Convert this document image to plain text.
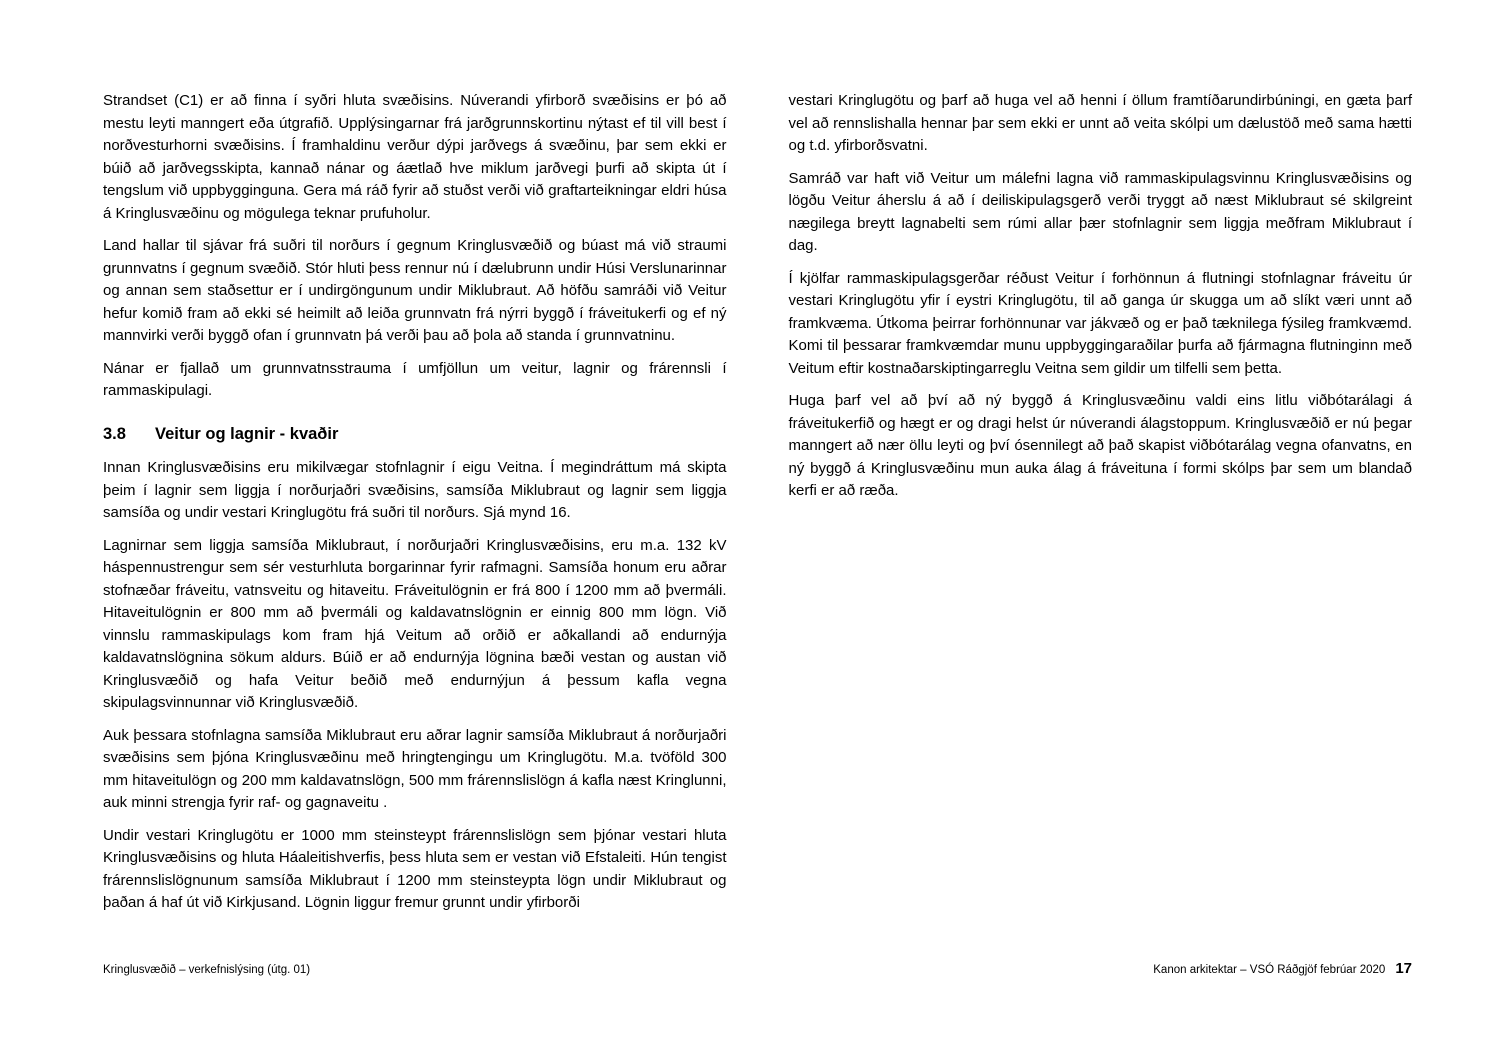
Strandset (C1) er að finna í syðri hluta svæðisins. Núverandi yfirborð svæðisins er þó að mestu leyti manngert eða útgrafið. Upplýsingarnar frá jarðgrunnskortinu nýtast ef til vill best í norðvesturhorni svæðisins. Í framhaldinu verður dýpi jarðvegs á svæðinu, þar sem ekki er búið að jarðvegsskipta, kannað nánar og áætlað hve miklum jarðvegi þurfi að skipta út í tengslum við uppbygginguna. Gera má ráð fyrir að stuðst verði við graftarteikningar eldri húsa á Kringlusvæðinu og mögulega teknar prufuholur.

Land hallar til sjávar frá suðri til norðurs í gegnum Kringlusvæðið og búast má við straumi grunnvatns í gegnum svæðið. Stór hluti þess rennur nú í dælubrunn undir Húsi Verslunarinnar og annan sem staðsettur er í undirgöngunum undir Miklubraut. Að höfðu samráði við Veitur hefur komið fram að ekki sé heimilt að leiða grunnvatn frá nýrri byggð í fráveitukerfi og ef ný mannvirki verði byggð ofan í grunnvatn þá verði þau að þola að standa í grunnvatninu.

Nánar er fjallað um grunnvatnsstrauma í umfjöllun um veitur, lagnir og frárennsli í rammaskipulagi.

3.8	Veitur og lagnir - kvaðir

Innan Kringlusvæðisins eru mikilvægar stofnlagnir í eigu Veitna. Í megindráttum má skipta þeim í lagnir sem liggja í norðurjaðri svæðisins, samsíða Miklubraut og lagnir sem liggja samsíða og undir vestari Kringlugötu frá suðri til norðurs. Sjá mynd 16.

Lagnirnar sem liggja samsíða Miklubraut, í norðurjaðri Kringlusvæðisins, eru m.a. 132 kV háspennustrengur sem sér vesturhluta borgarinnar fyrir rafmagni. Samsíða honum eru aðrar stofnæðar fráveitu, vatnsveitu og hitaveitu. Fráveitulögnin er frá 800 í 1200 mm að þvermáli. Hitaveitulögnin er 800 mm að þvermáli og kaldavatnslögnin er einnig 800 mm lögn. Við vinnslu rammaskipulags kom fram hjá Veitum að orðið er aðkallandi að endurnýja kaldavatnslögnina sökum aldurs. Búið er að endurnýja lögnina bæði vestan og austan við Kringlusvæðið og hafa Veitur beðið með endurnýjun á þessum kafla vegna skipulagsvinnunnar við Kringlusvæðið.

Auk þessara stofnlagna samsíða Miklubraut eru aðrar lagnir samsíða Miklubraut á norðurjaðri svæðisins sem þjóna Kringlusvæðinu með hringtengingu um Kringlugötu. M.a. tvöföld 300 mm hitaveitulögn og 200 mm kaldavatnslögn, 500 mm frárennslislögn á kafla næst Kringlunni, auk minni strengja fyrir raf- og gagnaveitu .

Undir vestari Kringlugötu er 1000 mm steinsteypt frárennslislögn sem þjónar vestari hluta Kringlusvæðisins og hluta Háaleitishverfis, þess hluta sem er vestan við Efstaleiti. Hún tengist frárennslislögnunum samsíða Miklubraut í 1200 mm steinsteypta lögn undir Miklubraut og þaðan á haf út við Kirkjusand. Lögnin liggur fremur grunnt undir yfirborði

vestari Kringlugötu og þarf að huga vel að henni í öllum framtíðarundirbúningi, en gæta þarf vel að rennslishalla hennar þar sem ekki er unnt að veita skólpi um dælustöð með sama hætti og t.d. yfirborðsvatni.

Samráð var haft við Veitur um málefni lagna við rammaskipulagsvinnu Kringlusvæðisins og lögðu Veitur áherslu á að í deiliskipulagsgerð verði tryggt að næst Miklubraut sé skilgreint nægilega breytt lagnabelti sem rúmi allar þær stofnlagnir sem liggja meðfram Miklubraut í dag.

Í kjölfar rammaskipulagsgerðar réðust Veitur í forhönnun á flutningi stofnlagnar fráveitu úr vestari Kringlugötu yfir í eystri Kringlugötu, til að ganga úr skugga um að slíkt væri unnt að framkvæma. Útkoma þeirrar forhönnunar var jákvæð og er það tæknilega fýsileg framkvæmd. Komi til þessarar framkvæmdar munu uppbyggingaraðilar þurfa að fjármagna flutninginn með Veitum eftir kostnaðarskiptingarreglu Veitna sem gildir um tilfelli sem þetta.

Huga þarf vel að því að ný byggð á Kringlusvæðinu valdi eins litlu viðbótarálagi á fráveitukerfið og hægt er og dragi helst úr núverandi álagstoppum. Kringlusvæðið er nú þegar manngert að nær öllu leyti og því ósennilegt að það skapist viðbótarálag vegna ofanvatns, en ný byggð á Kringlusvæðinu mun auka álag á fráveituna í formi skólps þar sem um blandað kerfi er að ræða.

Kringlusvæðið – verkefnislýsing (útg. 01)	Kanon arkitektar – VSÓ Ráðgjöf febrúar 2020 17
